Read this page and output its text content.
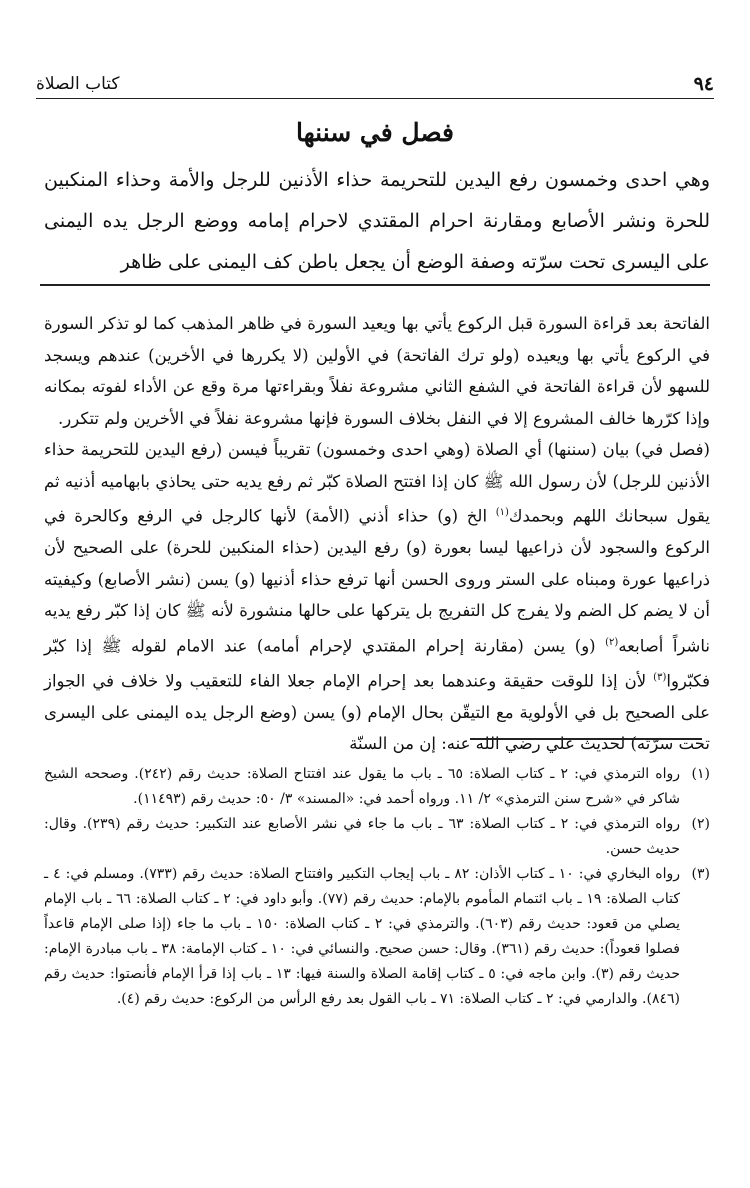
كتاب الصلاة	٩٤
فصل في سننها
وهي احدى وخمسون رفع اليدين للتحريمة حذاء الأذنين للرجل والأمة وحذاء المنكبين للحرة ونشر الأصابع ومقارنة احرام المقتدي لاحرام إمامه ووضع الرجل يده اليمنى على اليسرى تحت سرّته وصفة الوضع أن يجعل باطن كف اليمنى على ظاهر
الفاتحة بعد قراءة السورة قبل الركوع يأتي بها ويعيد السورة في ظاهر المذهب كما لو تذكر السورة في الركوع يأتي بها ويعيده (ولو ترك الفاتحة) في الأولين (لا يكررها في الأخرين) عندهم ويسجد للسهو لأن قراءة الفاتحة في الشفع الثاني مشروعة نفلاً وبقراءتها مرة وقع عن الأداء لفوته بمكانه وإذا كرّرها خالف المشروع إلا في النفل بخلاف السورة فإنها مشروعة نفلاً في الأخرين ولم تتكرر.
(فصل في) بيان (سننها) أي الصلاة (وهي احدى وخمسون) تقريباً فيسن (رفع اليدين للتحريمة حذاء الأذنين للرجل) لأن رسول الله ﷺ كان إذا افتتح الصلاة كبّر ثم رفع يديه حتى يحاذي بابهاميه أذنيه ثم يقول سبحانك اللهم وبحمدك$^{(١)}$ الخ (و) حذاء أذني (الأمة) لأنها كالرجل في الرفع وكالحرة في الركوع والسجود لأن ذراعيها ليسا بعورة (و) رفع اليدين (حذاء المنكبين للحرة) على الصحيح لأن ذراعيها عورة ومبناه على الستر وروى الحسن أنها ترفع حذاء أذنيها (و) يسن (نشر الأصابع) وكيفيته أن لا يضم كل الضم ولا يفرج كل التفريج بل يتركها على حالها منشورة لأنه ﷺ كان إذا كبّر رفع يديه ناشراً أصابعه$^{(٢)}$ (و) يسن (مقارنة إحرام المقتدي لإحرام أمامه) عند الامام لقوله ﷺ إذا كبّر فكبّروا$^{(٣)}$ لأن إذا للوقت حقيقة وعندهما بعد إحرام الإمام جعلا الفاء للتعقيب ولا خلاف في الجواز على الصحيح بل في الأولوية مع التيقّن بحال الإمام (و) يسن (وضع الرجل يده اليمنى على اليسرى تحت سرّته) لحديث علي رضي الله عنه: إن من السنّة
(١)
رواه الترمذي في: ٢ ـ كتاب الصلاة: ٦٥ ـ باب ما يقول عند افتتاح الصلاة: حديث رقم (٢٤٢). وصححه الشيخ شاكر في «شرح سنن الترمذي» ٢/ ١١. ورواه أحمد في: «المسند» ٣/ ٥٠: حديث رقم (١١٤٩٣).
(٢)
رواه الترمذي في: ٢ ـ كتاب الصلاة: ٦٣ ـ باب ما جاء في نشر الأصابع عند التكبير: حديث رقم (٢٣٩). وقال: حديث حسن.
(٣)
رواه البخاري في: ١٠ ـ كتاب الأذان: ٨٢ ـ باب إيجاب التكبير وافتتاح الصلاة: حديث رقم (٧٣٣). ومسلم في: ٤ ـ كتاب الصلاة: ١٩ ـ باب ائتمام المأموم بالإمام: حديث رقم (٧٧). وأبو داود في: ٢ ـ كتاب الصلاة: ٦٦ ـ باب الإمام يصلي من قعود: حديث رقم (٦٠٣). والترمذي في: ٢ ـ كتاب الصلاة: ١٥٠ ـ باب ما جاء (إذا صلى الإمام قاعداً فصلوا قعوداً): حديث رقم (٣٦١). وقال: حسن صحيح. والنسائي في: ١٠ ـ كتاب الإمامة: ٣٨ ـ باب مبادرة الإمام: حديث رقم (٣). وابن ماجه في: ٥ ـ كتاب إقامة الصلاة والسنة فيها: ١٣ ـ باب إذا قرأ الإمام فأنصتوا: حديث رقم (٨٤٦). والدارمي في: ٢ ـ كتاب الصلاة: ٧١ ـ باب القول بعد رفع الرأس من الركوع: حديث رقم (٤).
